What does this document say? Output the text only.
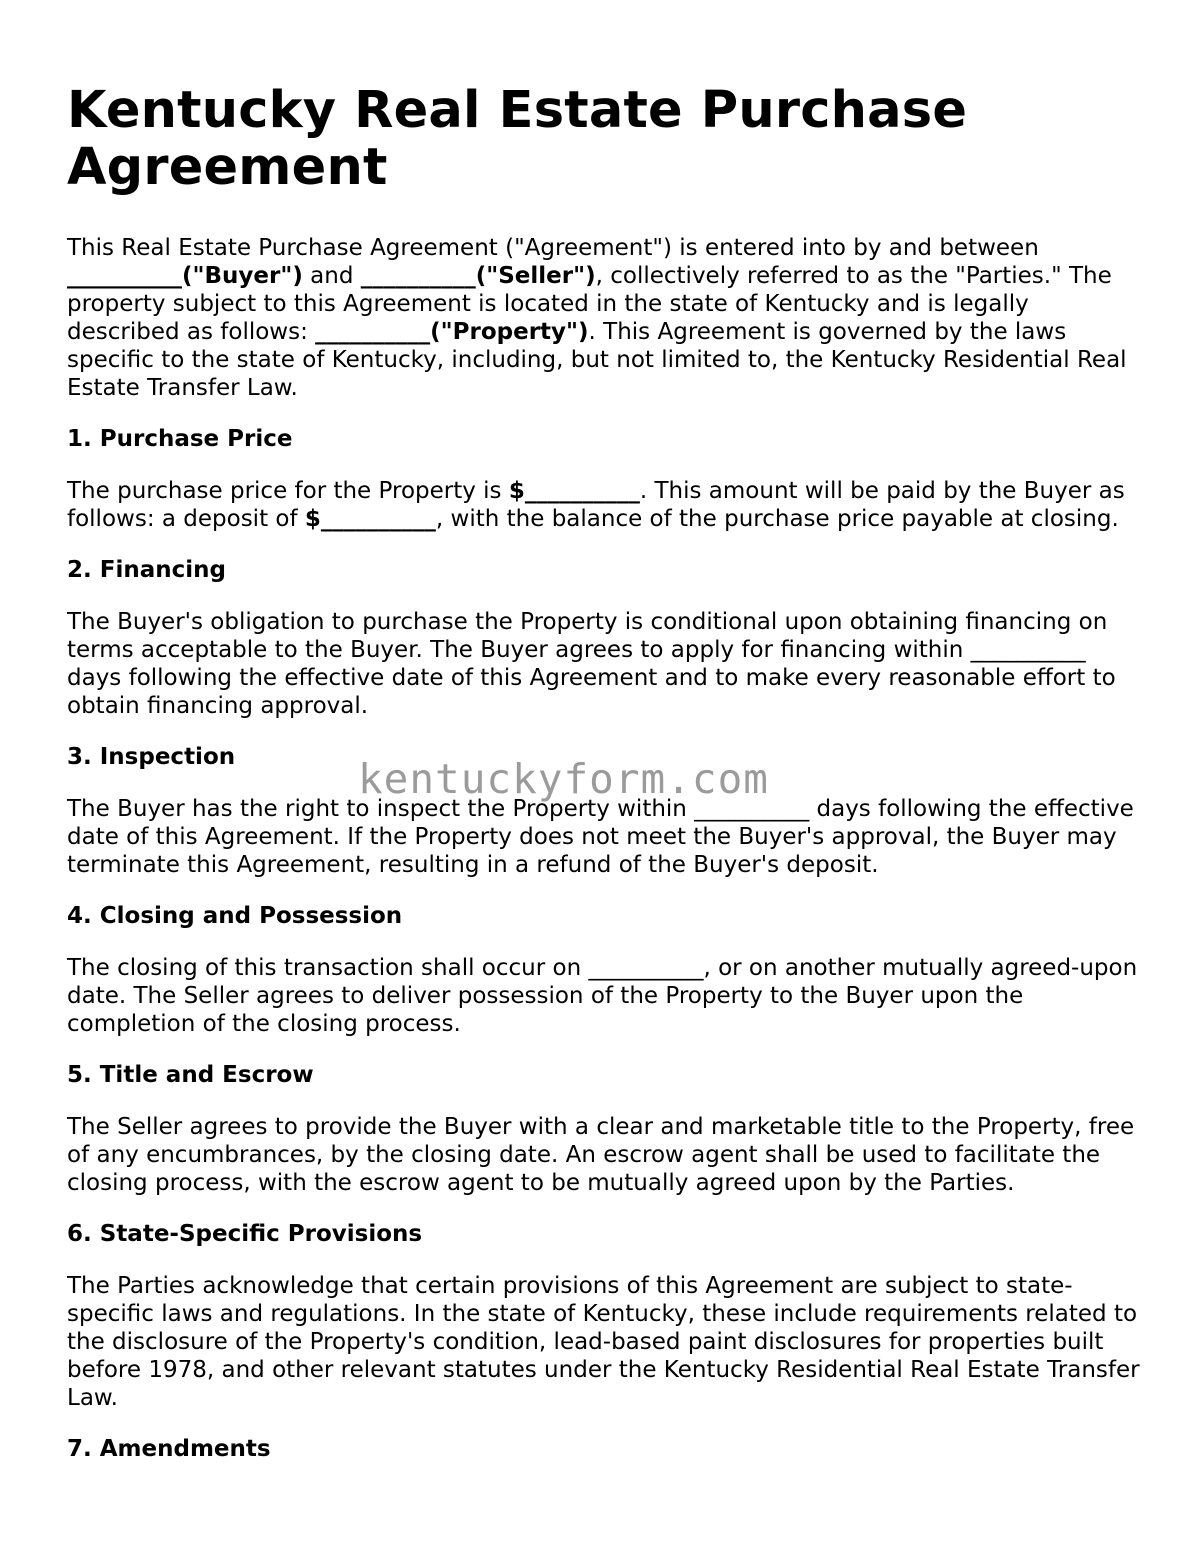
Kentucky Real Estate Purchase Agreement

This Real Estate Purchase Agreement ("Agreement") is entered into by and between __________("Buyer") and __________("Seller"), collectively referred to as the "Parties." The property subject to this Agreement is located in the state of Kentucky and is legally described as follows: __________("Property"). This Agreement is governed by the laws specific to the state of Kentucky, including, but not limited to, the Kentucky Residential Real Estate Transfer Law.

1. Purchase Price

The purchase price for the Property is $__________. This amount will be paid by the Buyer as follows: a deposit of $__________, with the balance of the purchase price payable at closing.

2. Financing

The Buyer's obligation to purchase the Property is conditional upon obtaining financing on terms acceptable to the Buyer. The Buyer agrees to apply for financing within __________ days following the effective date of this Agreement and to make every reasonable effort to obtain financing approval.

3. Inspection

The Buyer has the right to inspect the Property within __________ days following the effective date of this Agreement. If the Property does not meet the Buyer's approval, the Buyer may terminate this Agreement, resulting in a refund of the Buyer's deposit.

4. Closing and Possession

The closing of this transaction shall occur on __________, or on another mutually agreed-upon date. The Seller agrees to deliver possession of the Property to the Buyer upon the completion of the closing process.

5. Title and Escrow

The Seller agrees to provide the Buyer with a clear and marketable title to the Property, free of any encumbrances, by the closing date. An escrow agent shall be used to facilitate the closing process, with the escrow agent to be mutually agreed upon by the Parties.

6. State-Specific Provisions

The Parties acknowledge that certain provisions of this Agreement are subject to state-specific laws and regulations. In the state of Kentucky, these include requirements related to the disclosure of the Property's condition, lead-based paint disclosures for properties built before 1978, and other relevant statutes under the Kentucky Residential Real Estate Transfer Law.

7. Amendments
kentuckyform.com
